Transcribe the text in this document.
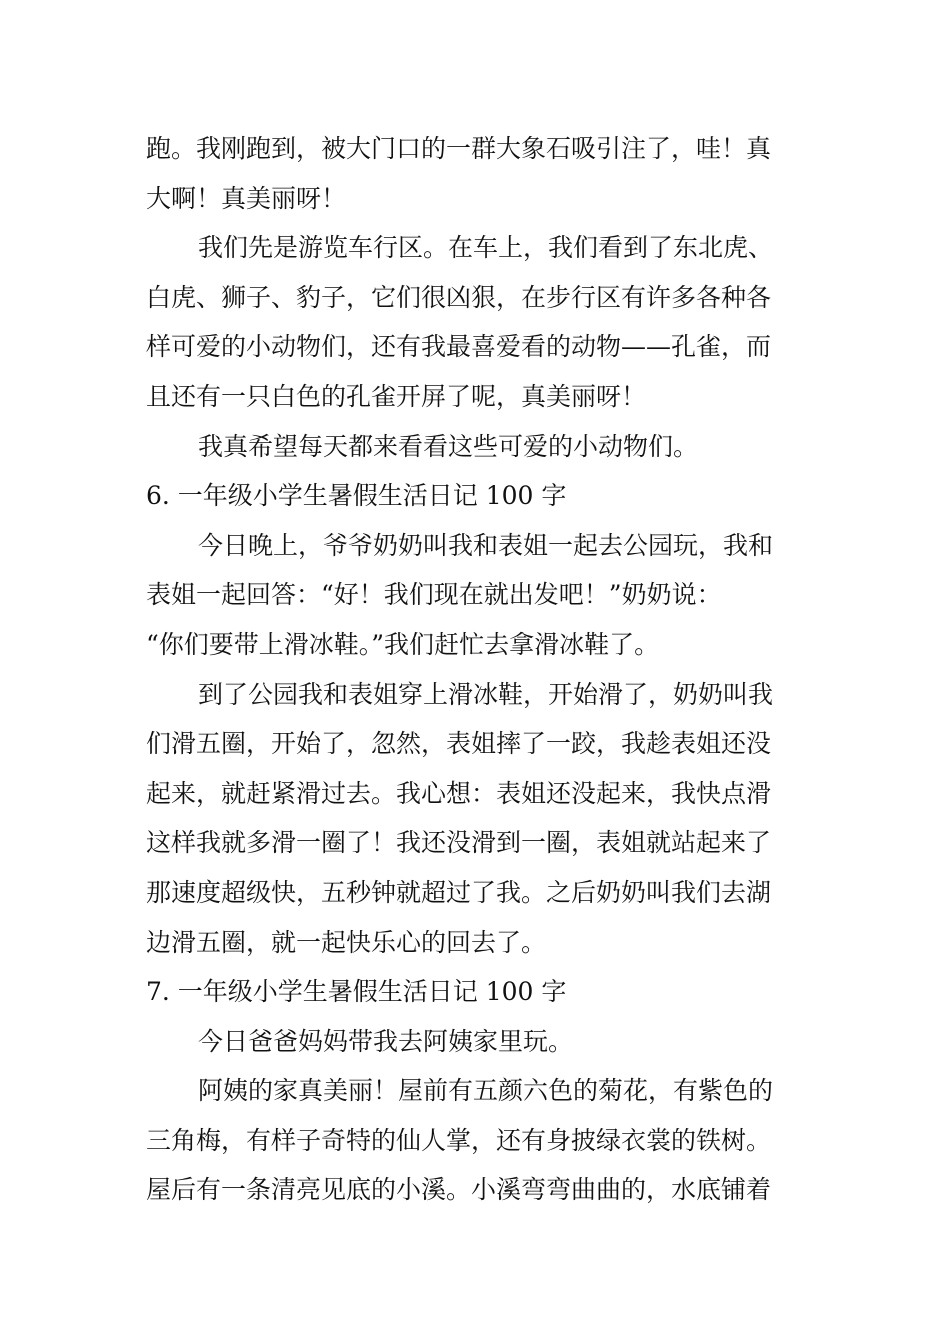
跑。我刚跑到，被大门口的一群大象石吸引注了，哇！真
大啊！真美丽呀！
我们先是游览车行区。在车上，我们看到了东北虎、
白虎、狮子、豹子，它们很凶狠，在步行区有许多各种各
样可爱的小动物们，还有我最喜爱看的动物——孔雀，而
且还有一只白色的孔雀开屏了呢，真美丽呀！
我真希望每天都来看看这些可爱的小动物们。
6. 一年级小学生暑假生活日记 100 字
今日晚上，爷爷奶奶叫我和表姐一起去公园玩，我和
表姐一起回答：“好！我们现在就出发吧！”奶奶说：
“你们要带上滑冰鞋。”我们赶忙去拿滑冰鞋了。
到了公园我和表姐穿上滑冰鞋，开始滑了，奶奶叫我
们滑五圈，开始了，忽然，表姐摔了一跤，我趁表姐还没
起来，就赶紧滑过去。我心想：表姐还没起来，我快点滑
这样我就多滑一圈了！我还没滑到一圈，表姐就站起来了
那速度超级快，五秒钟就超过了我。之后奶奶叫我们去湖
边滑五圈，就一起快乐心的回去了。
7. 一年级小学生暑假生活日记 100 字
今日爸爸妈妈带我去阿姨家里玩。
阿姨的家真美丽！屋前有五颜六色的菊花，有紫色的
三角梅，有样子奇特的仙人掌，还有身披绿衣裳的铁树。
屋后有一条清亮见底的小溪。小溪弯弯曲曲的，水底铺着
